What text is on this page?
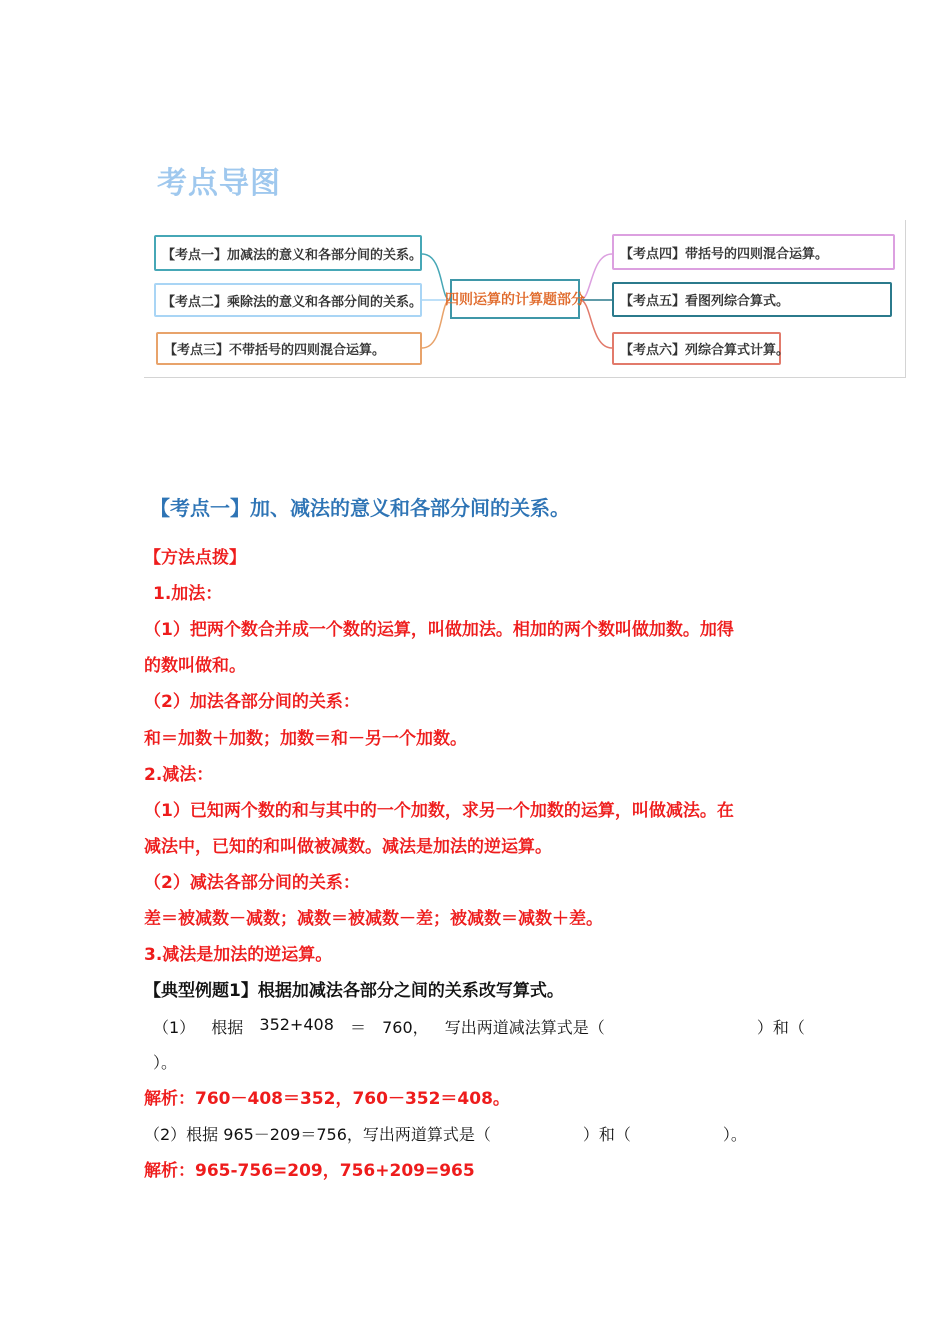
考点导图
【考点一】加减法的意义和各部分间的关系。
【考点二】乘除法的意义和各部分间的关系。
【考点三】不带括号的四则混合运算。
四则运算的计算题部分
【考点四】带括号的四则混合运算。
【考点五】看图列综合算式。
【考点六】列综合算式计算。
【考点一】加、减法的意义和各部分间的关系。
【方法点拨】
1.加法：
（1）把两个数合并成一个数的运算，叫做加法。相加的两个数叫做加数。加得
的数叫做和。
（2）加法各部分间的关系：
和＝加数＋加数；加数＝和－另一个加数。
2.减法：
（1）已知两个数的和与其中的一个加数，求另一个加数的运算，叫做减法。在
减法中，已知的和叫做被减数。减法是加法的逆运算。
（2）减法各部分间的关系：
差＝被减数－减数；减数＝被减数－差；被减数＝减数＋差。
3.减法是加法的逆运算。
【典型例题1】根据加减法各部分之间的关系改写算式。
（1） 根据 352+408 ＝ 760， 写出两道减法算式是（	）和（
）。
解析：760－408＝352，760－352＝408。
（2）根据 965－209＝756，写出两道算式是（	）和（	）。
解析：965-756=209，756+209=965
